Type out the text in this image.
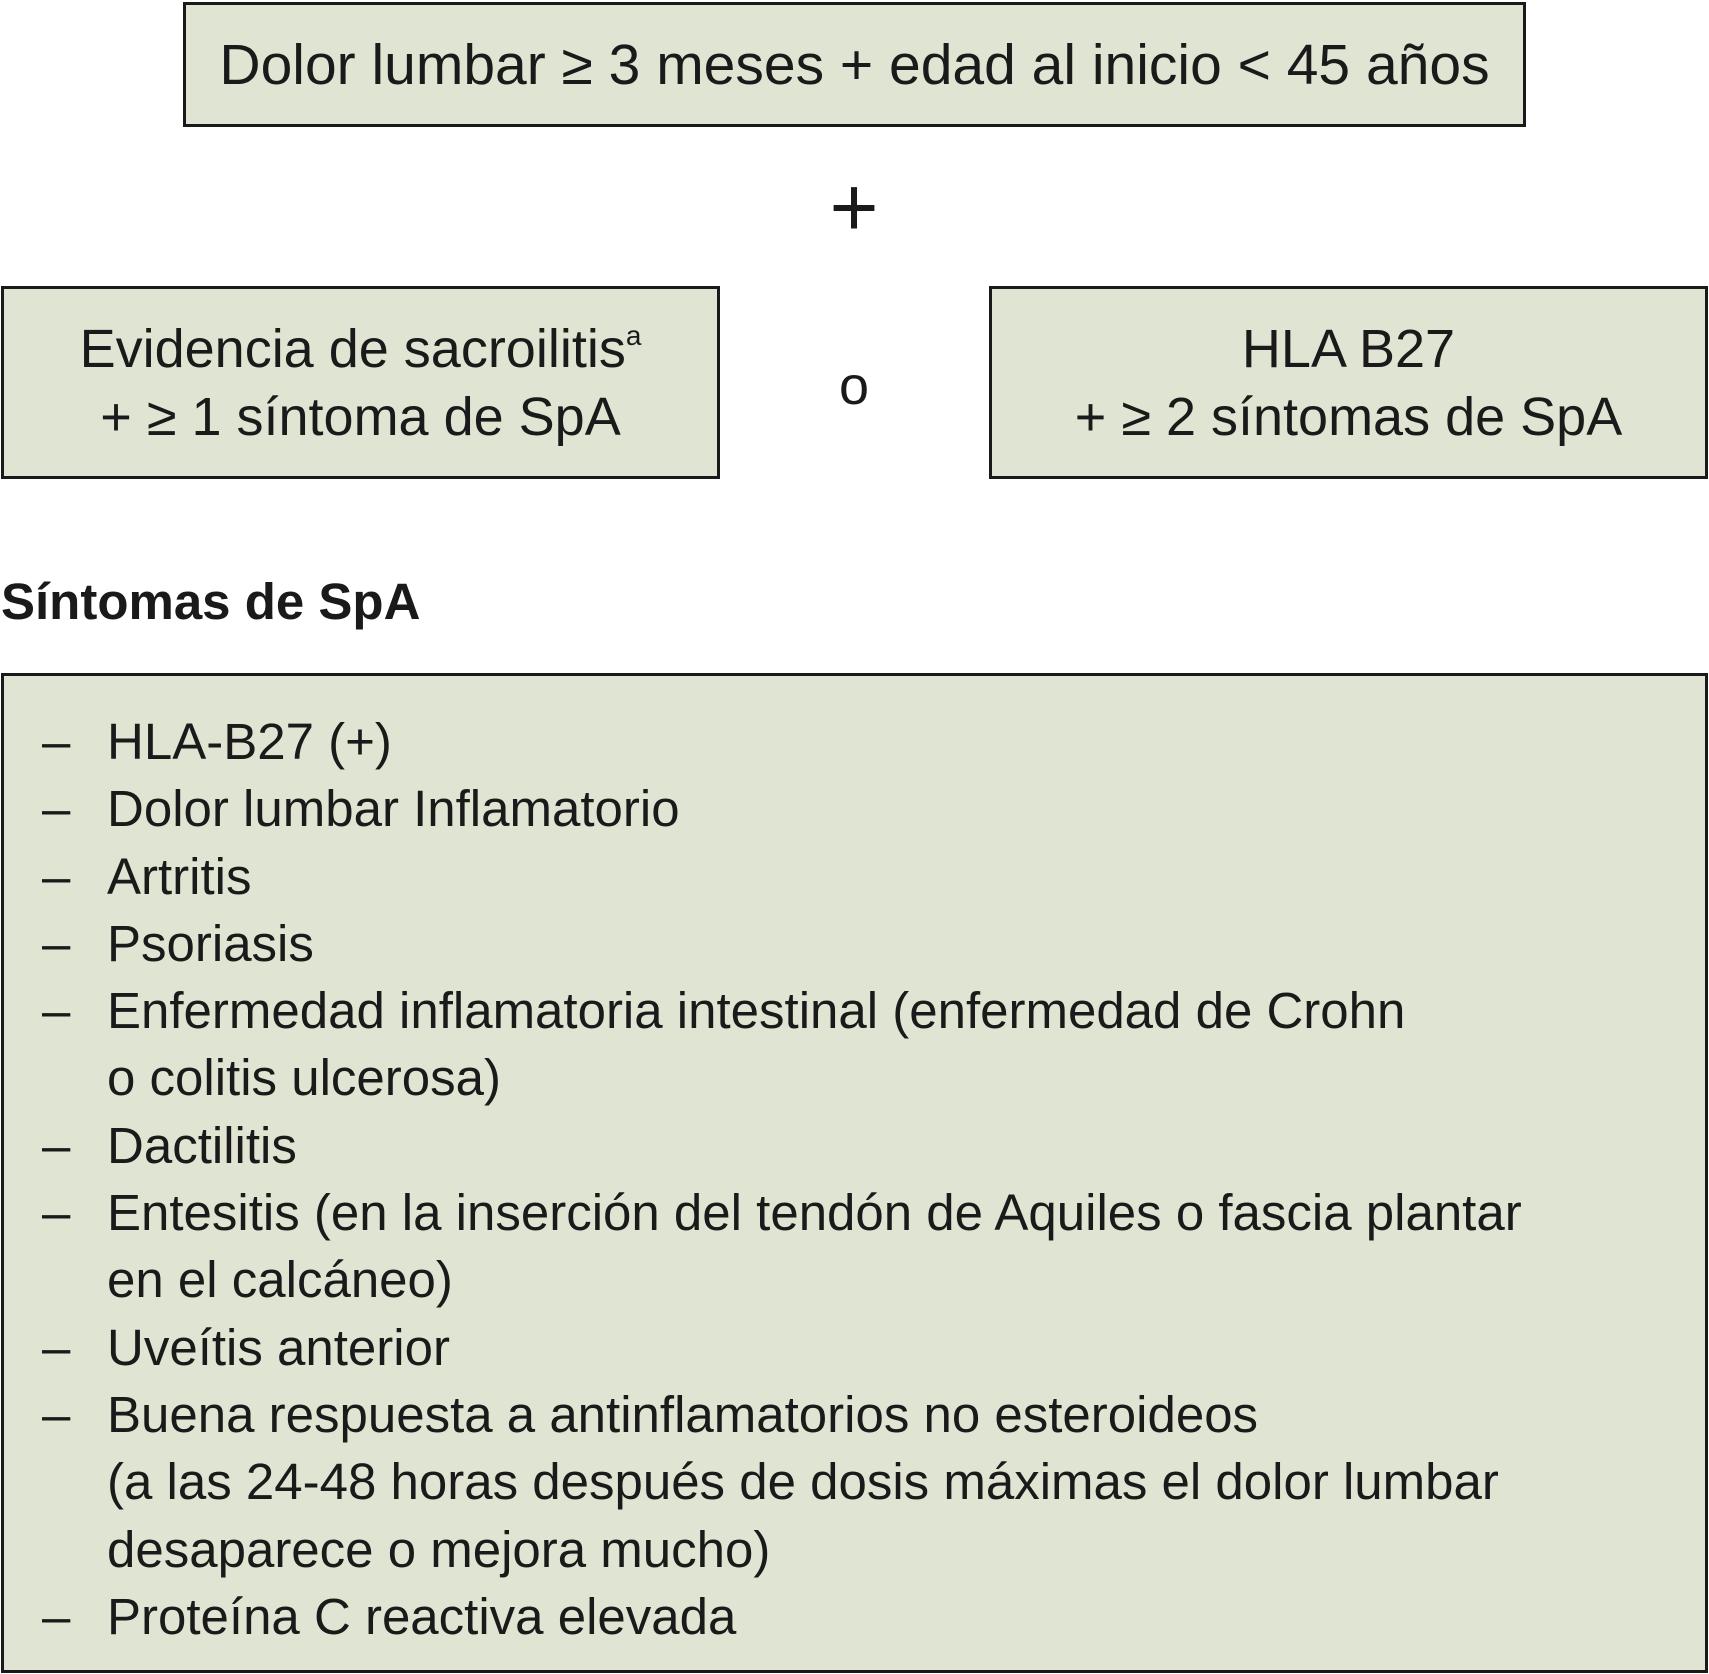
Dolor lumbar ≥ 3 meses + edad al inicio < 45 años
+
Evidencia de sacroilitis$^a$
+ ≥ 1 síntoma de SpA
o
HLA B27
+ ≥ 2 síntomas de SpA
Síntomas de SpA
– HLA-B27 (+)
– Dolor lumbar Inflamatorio
– Artritis
– Psoriasis
– Enfermedad inflamatoria intestinal (enfermedad de Crohn
o colitis ulcerosa)
– Dactilitis
– Entesitis (en la inserción del tendón de Aquiles o fascia plantar
en el calcáneo)
– Uveítis anterior
– Buena respuesta a antinflamatorios no esteroideos
(a las 24-48 horas después de dosis máximas el dolor lumbar
desaparece o mejora mucho)
– Proteína C reactiva elevada
